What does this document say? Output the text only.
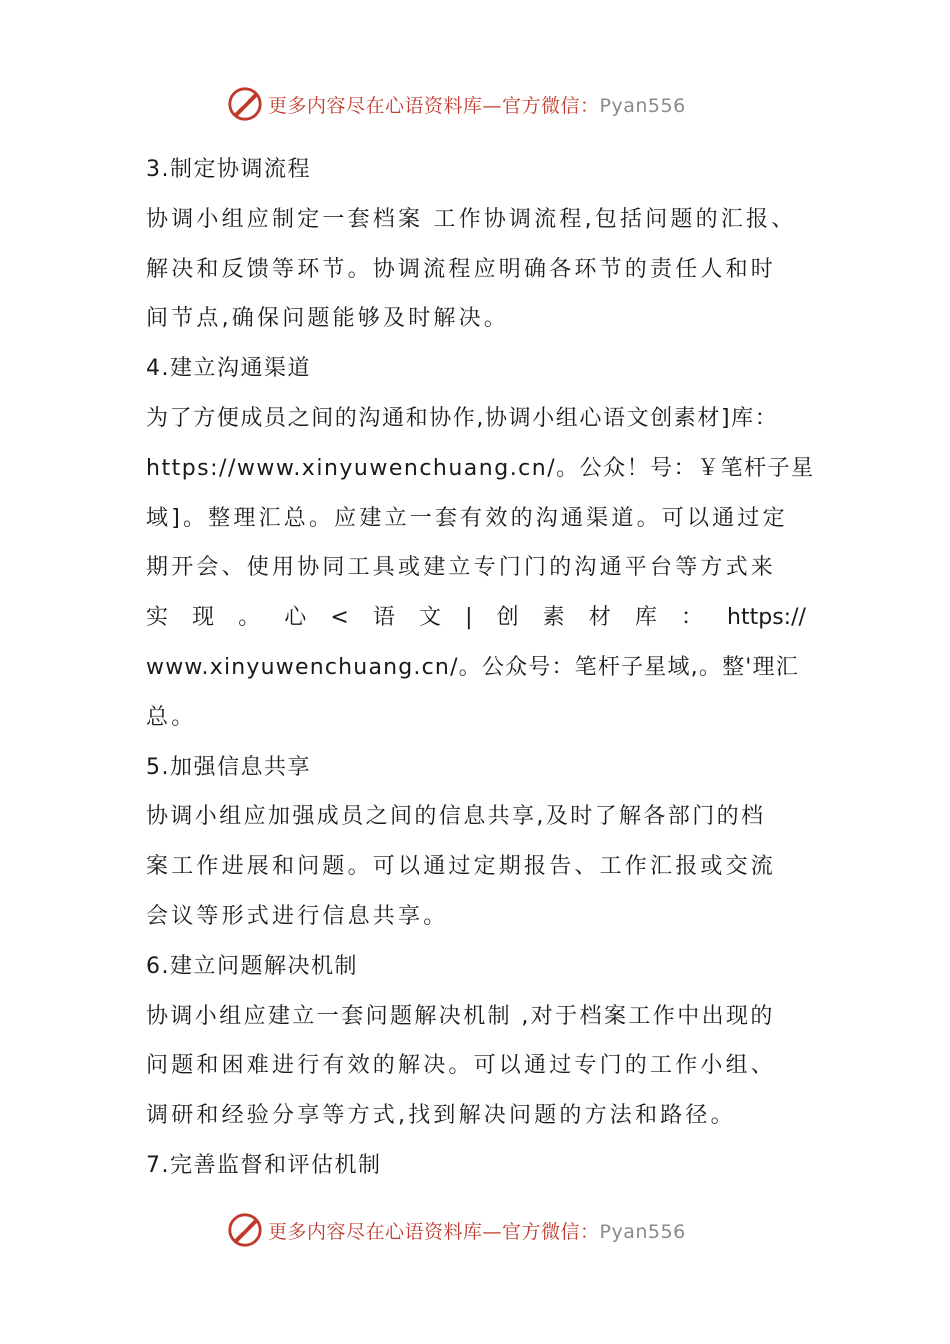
更多内容尽在心语资料库—官方微信：Pyan556
3.制定协调流程
协调小组应制定一套档案 工作协调流程,包括问题的汇报、
解决和反馈等环节。协调流程应明确各环节的责任人和时
间节点,确保问题能够及时解决。
4.建立沟通渠道
为了方便成员之间的沟通和协作,协调小组心语文创素材]库：
https://www.xinyuwenchuang.cn/。公众！号：￥笔杆子星
域]。整理汇总。应建立一套有效的沟通渠道。可以通过定
期开会、使用协同工具或建立专门门的沟通平台等方式来
实 现 。 心 < 语 文 | 创 素 材 库 ： https://
www.xinyuwenchuang.cn/。公众号：笔杆子星域,。整'理汇
总。
5.加强信息共享
协调小组应加强成员之间的信息共享,及时了解各部门的档
案工作进展和问题。可以通过定期报告、工作汇报或交流
会议等形式进行信息共享。
6.建立问题解决机制
协调小组应建立一套问题解决机制 ,对于档案工作中出现的
问题和困难进行有效的解决。可以通过专门的工作小组、
调研和经验分享等方式,找到解决问题的方法和路径。
7.完善监督和评估机制
更多内容尽在心语资料库—官方微信：Pyan556
